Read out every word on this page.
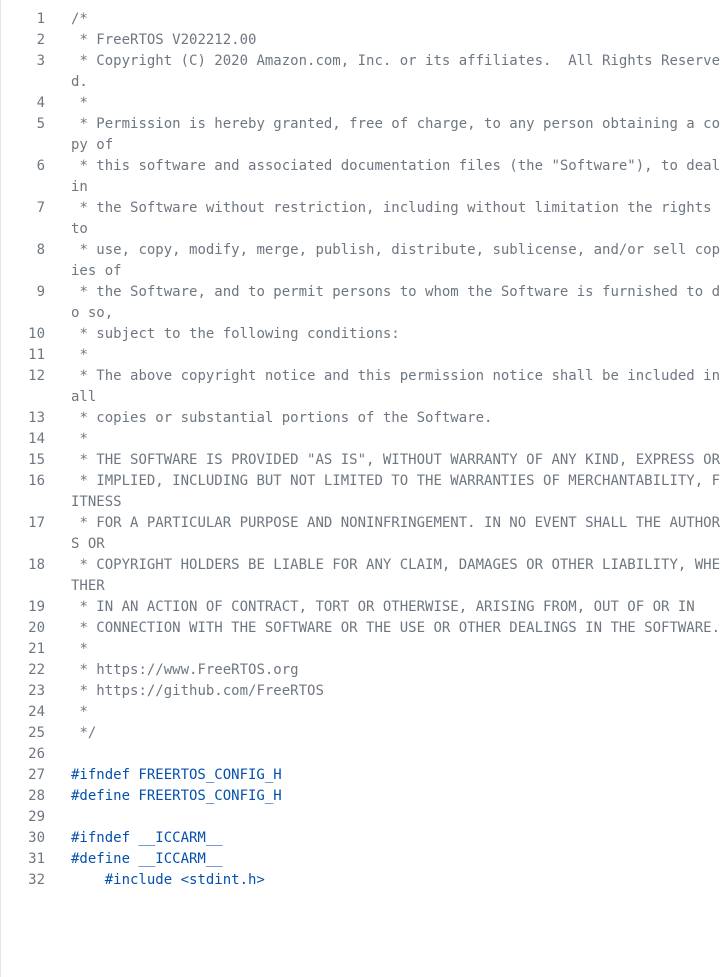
1		/*
2		* FreeRTOS V202212.00
3		* Copyright (C) 2020 Amazon.com, Inc. or its affiliates.  All Rights Reserved.
4		*
5		* Permission is hereby granted, free of charge, to any person obtaining a copy of
6		* this software and associated documentation files (the "Software"), to deal in
7		* the Software without restriction, including without limitation the rights to
8		* use, copy, modify, merge, publish, distribute, sublicense, and/or sell copies of
9		* the Software, and to permit persons to whom the Software is furnished to do so,
10		* subject to the following conditions:
11		*
12		* The above copyright notice and this permission notice shall be included in all
13		* copies or substantial portions of the Software.
14		*
15		* THE SOFTWARE IS PROVIDED "AS IS", WITHOUT WARRANTY OF ANY KIND, EXPRESS OR
16		* IMPLIED, INCLUDING BUT NOT LIMITED TO THE WARRANTIES OF MERCHANTABILITY, FITNESS
17		* FOR A PARTICULAR PURPOSE AND NONINFRINGEMENT. IN NO EVENT SHALL THE AUTHORS OR
18		* COPYRIGHT HOLDERS BE LIABLE FOR ANY CLAIM, DAMAGES OR OTHER LIABILITY, WHETHER
19		* IN AN ACTION OF CONTRACT, TORT OR OTHERWISE, ARISING FROM, OUT OF OR IN
20		* CONNECTION WITH THE SOFTWARE OR THE USE OR OTHER DEALINGS IN THE SOFTWARE.
21		*
22		* https://www.FreeRTOS.org
23		* https://github.com/FreeRTOS
24		*
25		*/
26		
27		#ifndef FREERTOS_CONFIG_H
28		#define FREERTOS_CONFIG_H
29		
30		#ifndef __ICCARM__
31		#define __ICCARM__
32		#include <stdint.h>
